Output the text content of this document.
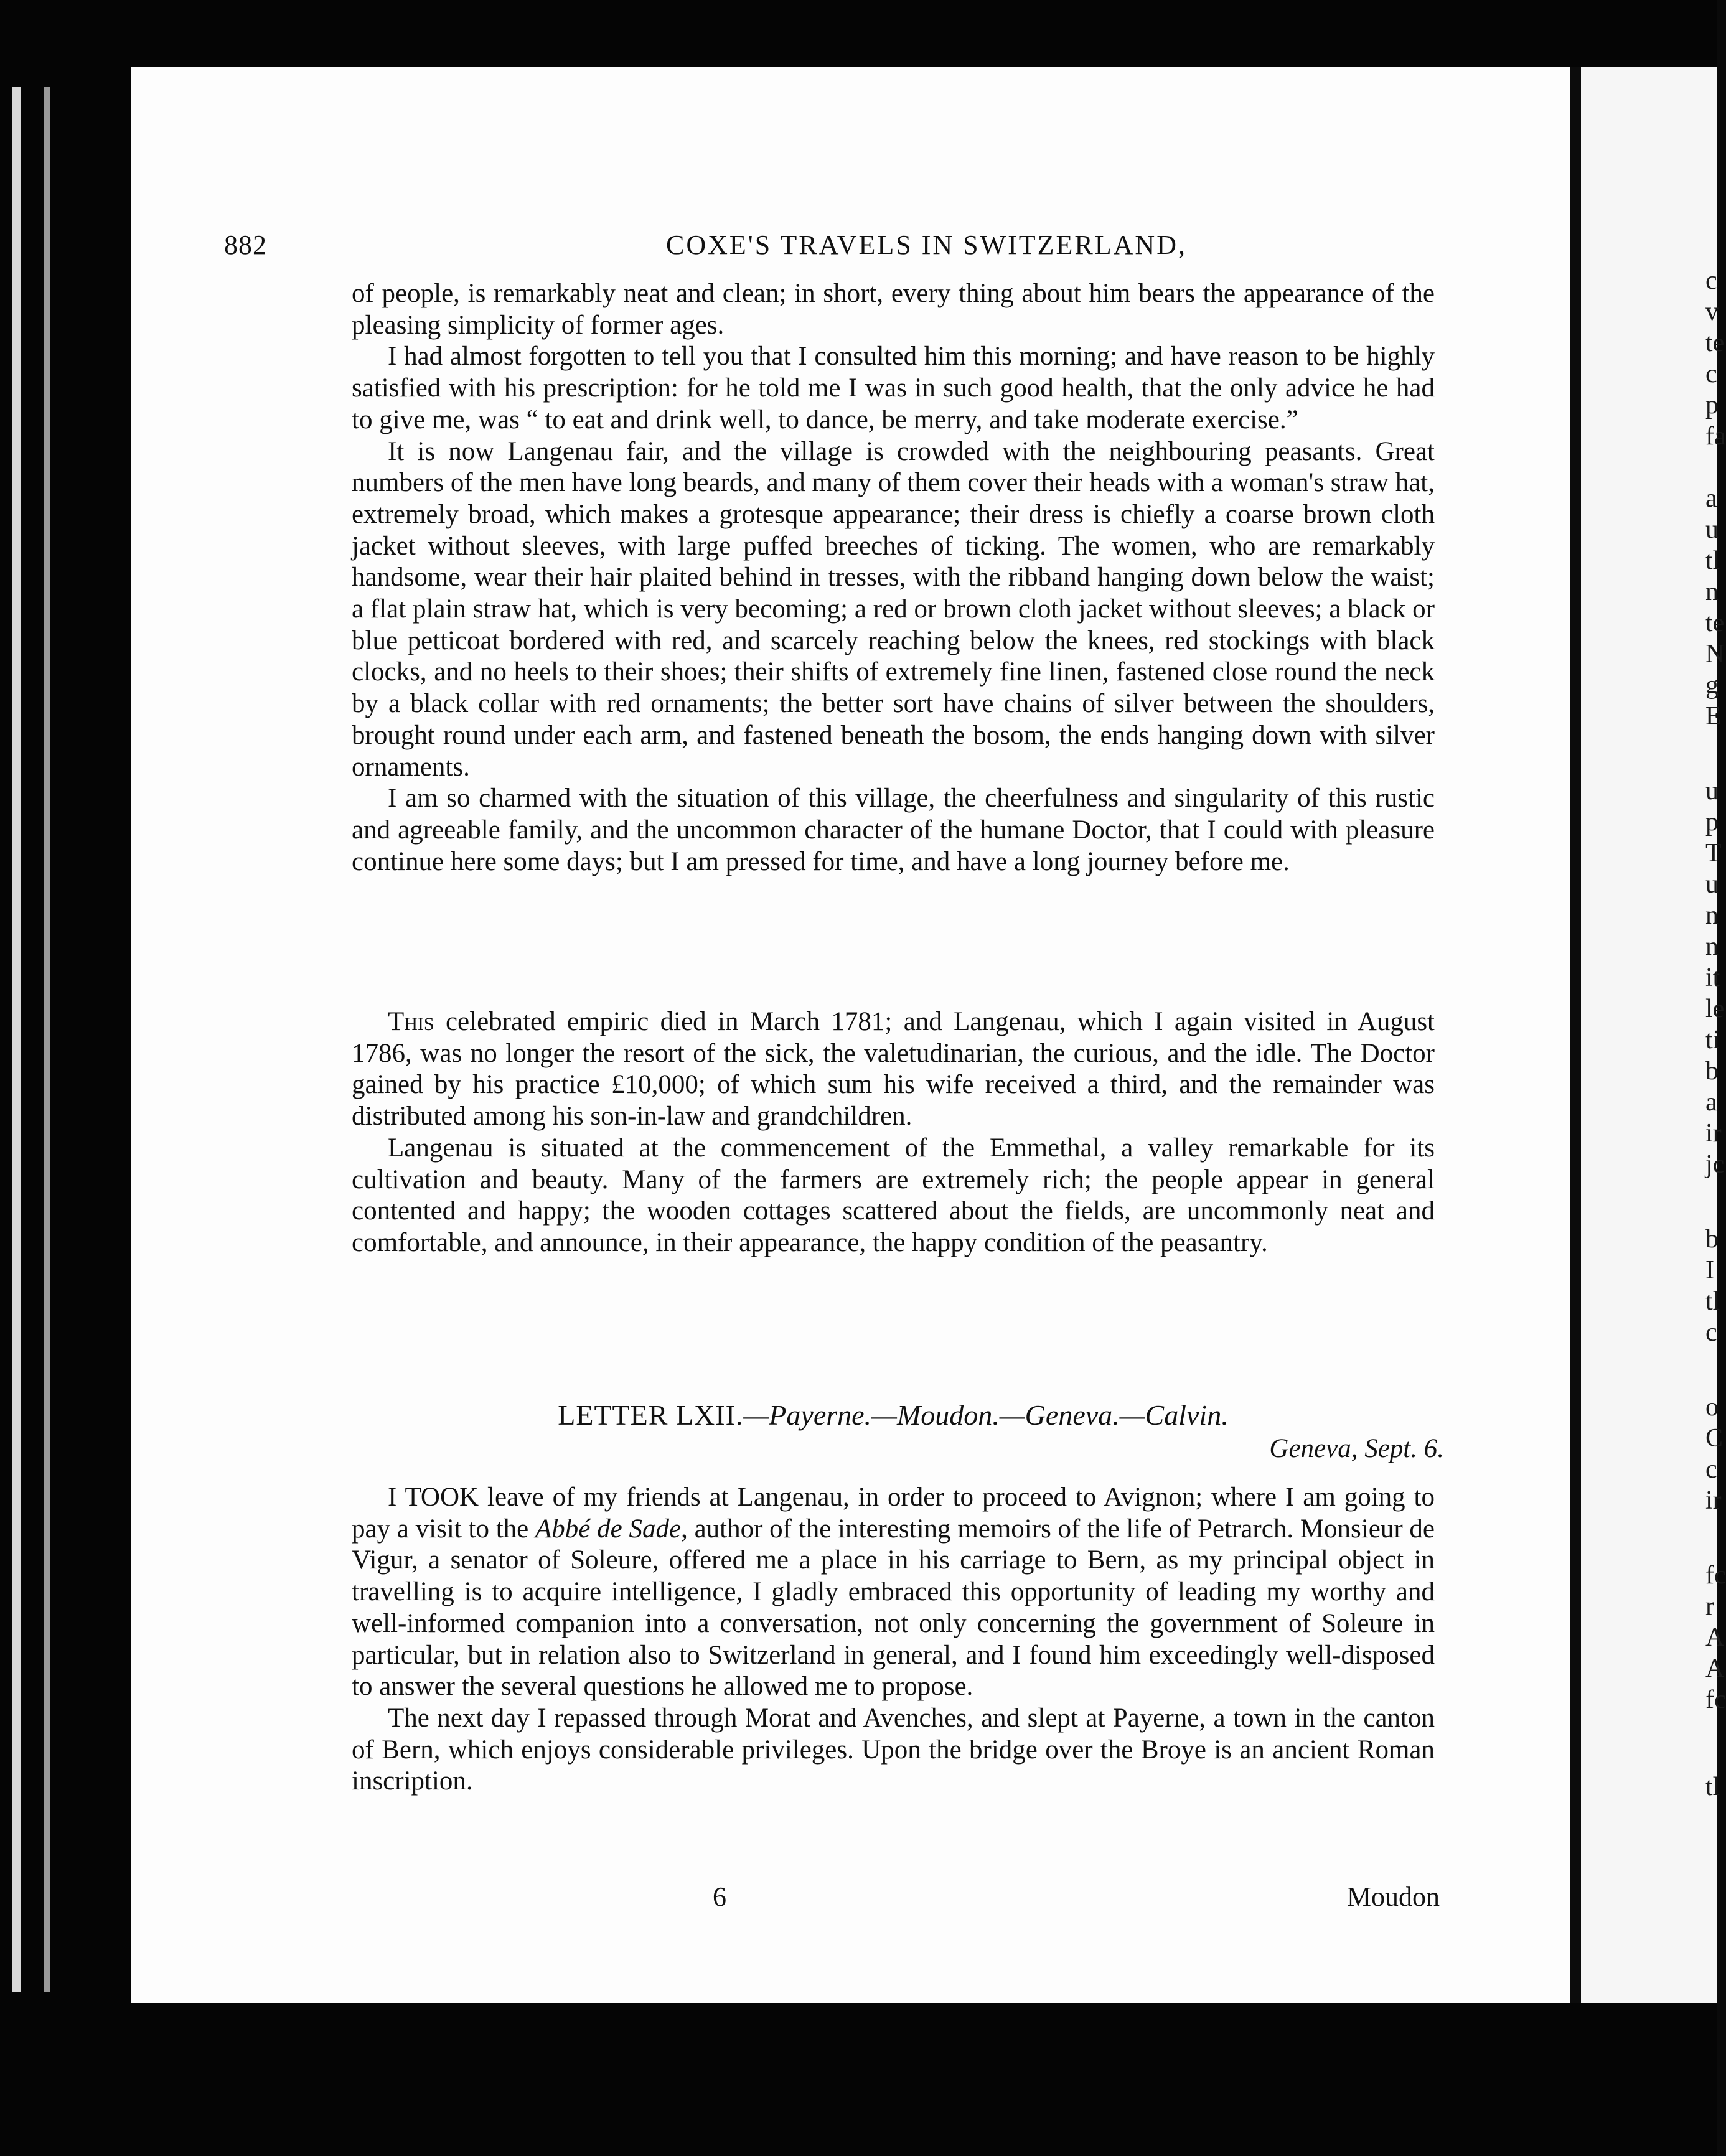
c
v
te
c
p
fa
a
u
tl
n
te
N
g
E
u
p
T
u
n
n
it
le
ti
b
a
ir
jc
b
I
tl
c
o
C
c
ir
fc
r
A
A
fc
tl
882	COXE'S TRAVELS IN SWITZERLAND,

of people, is remarkably neat and clean; in short, every thing about him bears the appearance of the pleasing simplicity of former ages.

I had almost forgotten to tell you that I consulted him this morning; and have reason to be highly satisfied with his prescription: for he told me I was in such good health, that the only advice he had to give me, was “ to eat and drink well, to dance, be merry, and take moderate exercise.”

It is now Langenau fair, and the village is crowded with the neighbouring peasants. Great numbers of the men have long beards, and many of them cover their heads with a woman's straw hat, extremely broad, which makes a grotesque appearance; their dress is chiefly a coarse brown cloth jacket without sleeves, with large puffed breeches of ticking. The women, who are remarkably handsome, wear their hair plaited behind in tresses, with the ribband hanging down below the waist; a flat plain straw hat, which is very becoming; a red or brown cloth jacket without sleeves; a black or blue petticoat bordered with red, and scarcely reaching below the knees, red stockings with black clocks, and no heels to their shoes; their shifts of extremely fine linen, fastened close round the neck by a black collar with red ornaments; the better sort have chains of silver between the shoulders, brought round under each arm, and fastened beneath the bosom, the ends hanging down with silver ornaments.

I am so charmed with the situation of this village, the cheerfulness and singularity of this rustic and agreeable family, and the uncommon character of the humane Doctor, that I could with pleasure continue here some days; but I am pressed for time, and have a long journey before me.

This celebrated empiric died in March 1781; and Langenau, which I again visited in August 1786, was no longer the resort of the sick, the valetudinarian, the curious, and the idle. The Doctor gained by his practice £10,000; of which sum his wife received a third, and the remainder was distributed among his son-in-law and grandchildren.

Langenau is situated at the commencement of the Emmethal, a valley remarkable for its cultivation and beauty. Many of the farmers are extremely rich; the people appear in general contented and happy; the wooden cottages scattered about the fields, are uncommonly neat and comfortable, and announce, in their appearance, the happy condition of the peasantry.

LETTER LXII.—Payerne.—Moudon.—Geneva.—Calvin.
Geneva, Sept. 6.

I TOOK leave of my friends at Langenau, in order to proceed to Avignon; where I am going to pay a visit to the Abbé de Sade, author of the interesting memoirs of the life of Petrarch. Monsieur de Vigur, a senator of Soleure, offered me a place in his carriage to Bern, as my principal object in travelling is to acquire intelligence, I gladly embraced this opportunity of leading my worthy and well-informed companion into a conversation, not only concerning the government of Soleure in particular, but in relation also to Switzerland in general, and I found him exceedingly well-disposed to answer the several questions he allowed me to propose.

The next day I repassed through Morat and Avenches, and slept at Payerne, a town in the canton of Bern, which enjoys considerable privileges. Upon the bridge over the Broye is an ancient Roman inscription.

6	Moudon
